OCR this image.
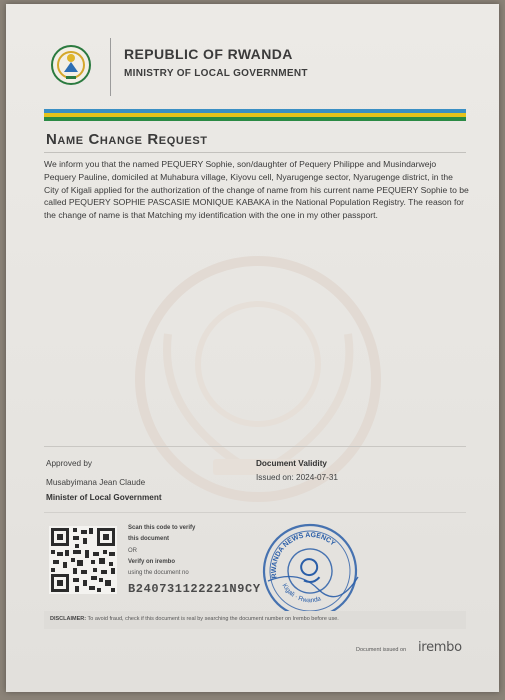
REPUBLIC OF RWANDA
MINISTRY OF LOCAL GOVERNMENT
Name Change Request
We inform you that the named PEQUERY Sophie, son/daughter of Pequery Philippe and Musindarwejo Pequery Pauline, domiciled at Muhabura village, Kiyovu cell, Nyarugenge sector, Nyarugenge district, in the City of Kigali applied for the authorization of the change of name from his current name PEQUERY Sophie to be called PEQUERY SOPHIE PASCASIE MONIQUE KABAKA in the National Population Registry. The reason for the change of name is that Matching my identification with the one in my other passport.
Approved by
Musabyimana Jean Claude
Minister of Local Government
Document Validity
Issued on: 2024-07-31
Scan this code to verify
this document
OR
Verify on irembo
using the document no
B240731122221N9CY
RWANDA NEWS AGENCY
Kigali · Rwanda
DISCLAIMER: To avoid fraud, check if this document is real by searching the document number on Irembo before use.
Document issued on irembo
